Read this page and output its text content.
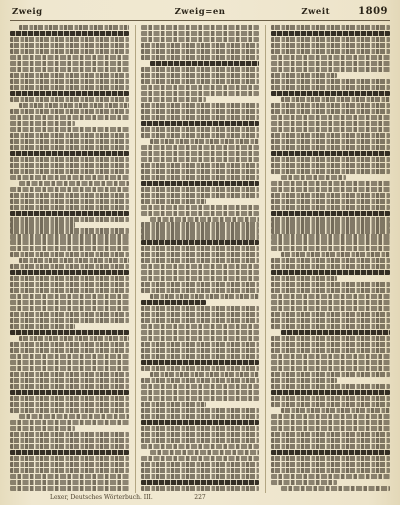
Zweig	Zweig=en	Zweit	1809
Lexer, Deutsches Wörterbuch. III.	227
